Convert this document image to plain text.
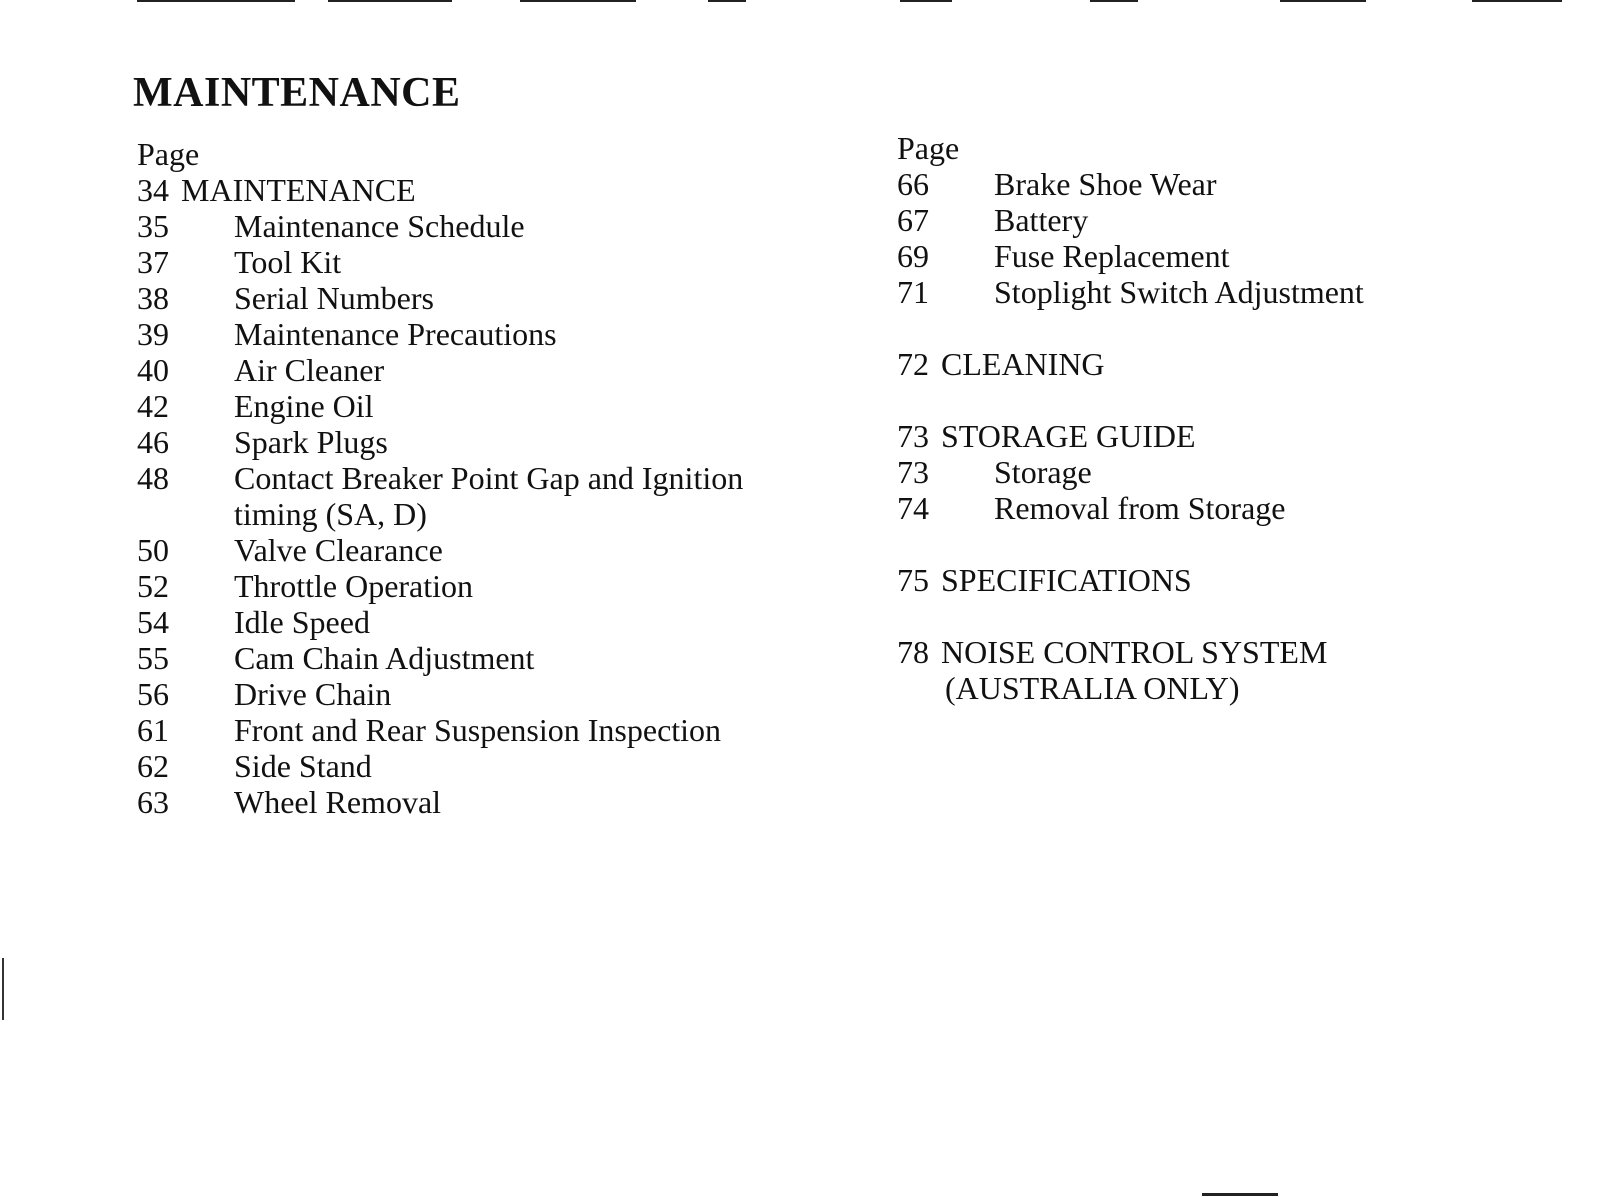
MAINTENANCE
Page
34 MAINTENANCE
35	Maintenance Schedule
37	Tool Kit
38	Serial Numbers
39	Maintenance Precautions
40	Air Cleaner
42	Engine Oil
46	Spark Plugs
48	Contact Breaker Point Gap and Ignition timing (SA, D)
50	Valve Clearance
52	Throttle Operation
54	Idle Speed
55	Cam Chain Adjustment
56	Drive Chain
61	Front and Rear Suspension Inspection
62	Side Stand
63	Wheel Removal
Page
66	Brake Shoe Wear
67	Battery
69	Fuse Replacement
71	Stoplight Switch Adjustment
72 CLEANING
73 STORAGE GUIDE
73	Storage
74	Removal from Storage
75 SPECIFICATIONS
78 NOISE CONTROL SYSTEM
(AUSTRALIA ONLY)
